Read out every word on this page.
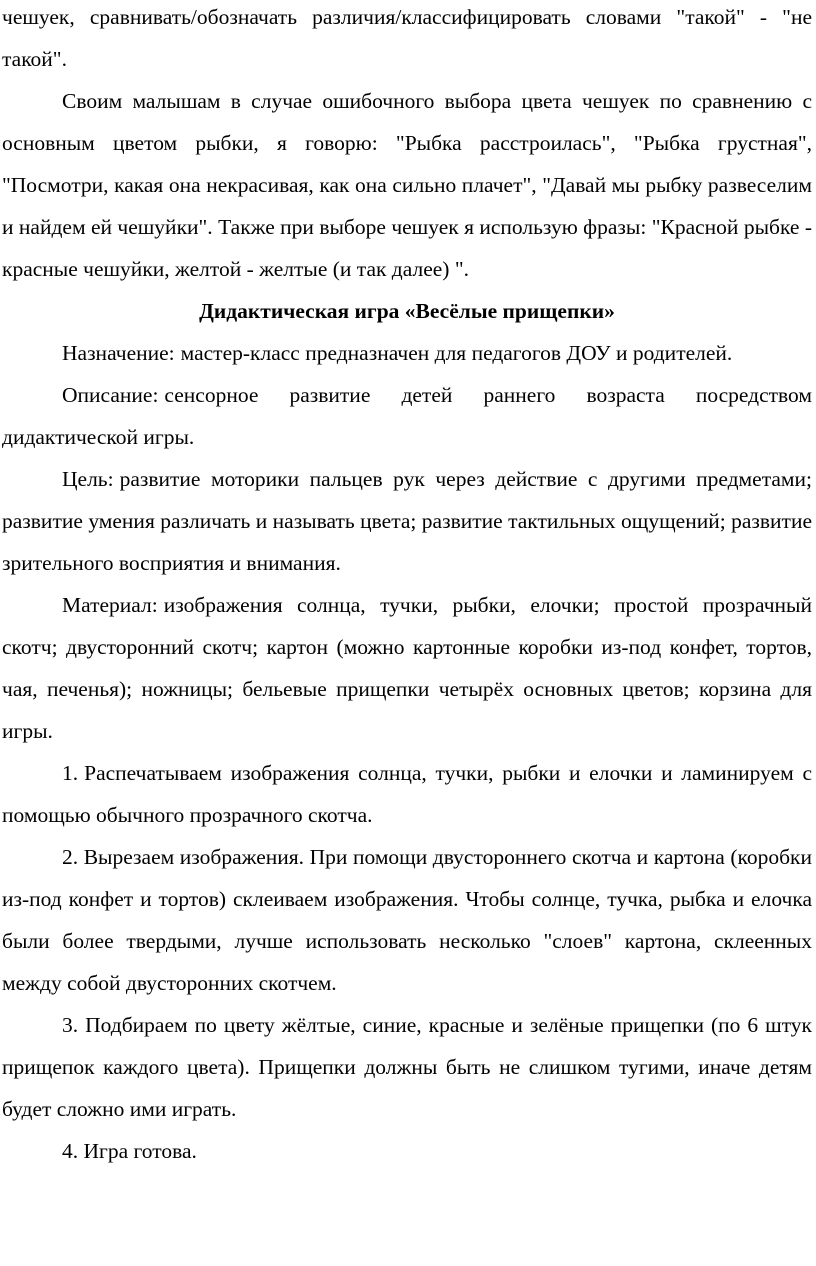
чешуек, сравнивать/обозначать различия/классифицировать словами "такой" - "не такой".

Своим малышам в случае ошибочного выбора цвета чешуек по сравнению с основным цветом рыбки, я говорю: "Рыбка расстроилась", "Рыбка грустная", "Посмотри, какая она некрасивая, как она сильно плачет", "Давай мы рыбку развеселим и найдем ей чешуйки". Также при выборе чешуек я использую фразы: "Красной рыбке - красные чешуйки, желтой - желтые (и так далее) ".

Дидактическая игра «Весёлые прищепки»

Назначение: мастер-класс предназначен для педагогов ДОУ и родителей.

Описание: сенсорное развитие детей раннего возраста посредством дидактической игры.

Цель: развитие моторики пальцев рук через действие с другими предметами; развитие умения различать и называть цвета; развитие тактильных ощущений; развитие зрительного восприятия и внимания.

Материал: изображения солнца, тучки, рыбки, елочки; простой прозрачный скотч; двусторонний скотч; картон (можно картонные коробки из-под конфет, тортов, чая, печенья); ножницы; бельевые прищепки четырёх основных цветов; корзина для игры.

1. Распечатываем изображения солнца, тучки, рыбки и елочки и ламинируем с помощью обычного прозрачного скотча.

2. Вырезаем изображения. При помощи двустороннего скотча и картона (коробки из-под конфет и тортов) склеиваем изображения. Чтобы солнце, тучка, рыбка и елочка были более твердыми, лучше использовать несколько "слоев" картона, склеенных между собой двусторонних скотчем.

3. Подбираем по цвету жёлтые, синие, красные и зелёные прищепки (по 6 штук прищепок каждого цвета). Прищепки должны быть не слишком тугими, иначе детям будет сложно ими играть.

4. Игра готова.
